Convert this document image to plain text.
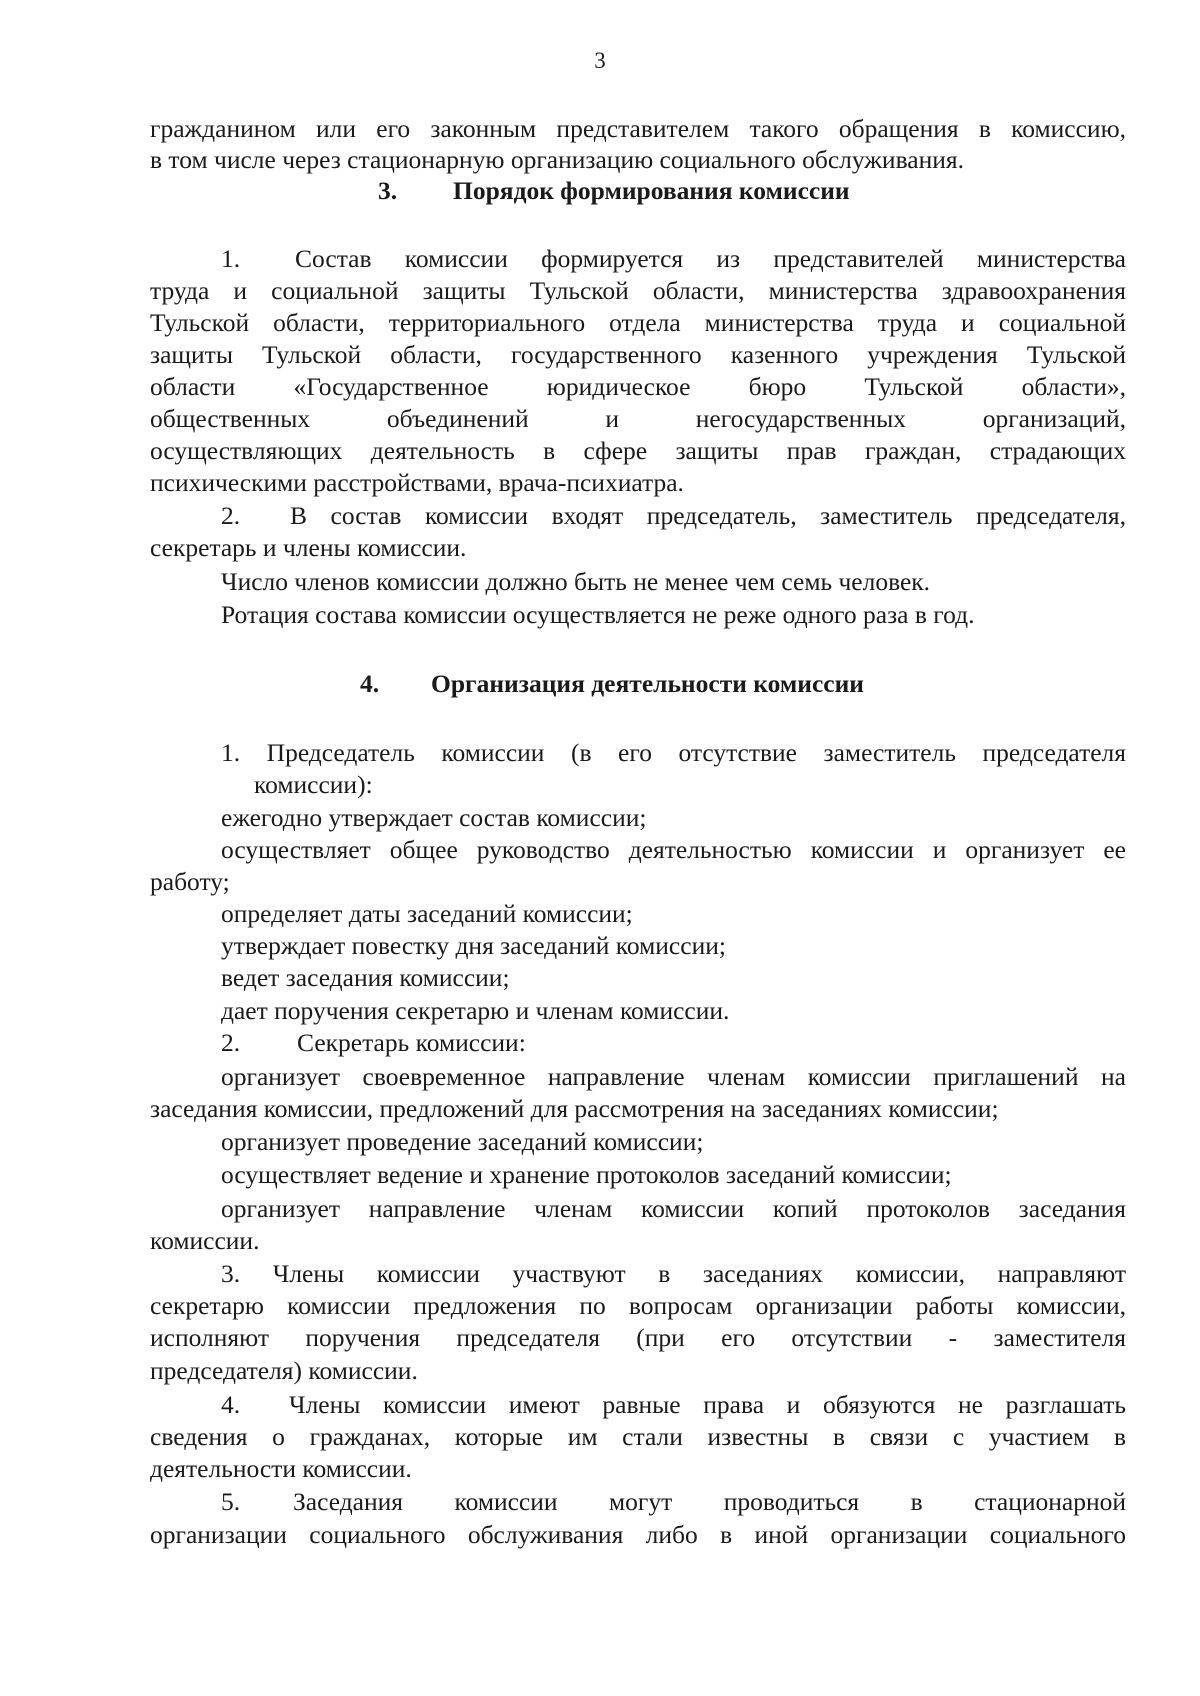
3
гражданином или его законным представителем такого обращения в комиссию,
в том числе через стационарную организацию социального обслуживания.
3. Порядок формирования комиссии
1. Состав комиссии формируется из представителей министерства
труда и социальной защиты Тульской области, министерства здравоохранения
Тульской области, территориального отдела министерства труда и социальной
защиты Тульской области, государственного казенного учреждения Тульской
области «Государственное юридическое бюро Тульской области»,
общественных объединений и негосударственных организаций,
осуществляющих деятельность в сфере защиты прав граждан, страдающих
психическими расстройствами, врача-психиатра.
2. В состав комиссии входят председатель, заместитель председателя,
секретарь и члены комиссии.
Число членов комиссии должно быть не менее чем семь человек.
Ротация состава комиссии осуществляется не реже одного раза в год.
4. Организация деятельности комиссии
1. Председатель комиссии (в его отсутствие заместитель председателя
комиссии):
ежегодно утверждает состав комиссии;
осуществляет общее руководство деятельностью комиссии и организует ее
работу;
определяет даты заседаний комиссии;
утверждает повестку дня заседаний комиссии;
ведет заседания комиссии;
дает поручения секретарю и членам комиссии.
2. Секретарь комиссии:
организует своевременное направление членам комиссии приглашений на
заседания комиссии, предложений для рассмотрения на заседаниях комиссии;
организует проведение заседаний комиссии;
осуществляет ведение и хранение протоколов заседаний комиссии;
организует направление членам комиссии копий протоколов заседания
комиссии.
3. Члены комиссии участвуют в заседаниях комиссии, направляют
секретарю комиссии предложения по вопросам организации работы комиссии,
исполняют поручения председателя (при его отсутствии - заместителя
председателя) комиссии.
4. Члены комиссии имеют равные права и обязуются не разглашать
сведения о гражданах, которые им стали известны в связи с участием в
деятельности комиссии.
5. Заседания комиссии могут проводиться в стационарной
организации социального обслуживания либо в иной организации социального
